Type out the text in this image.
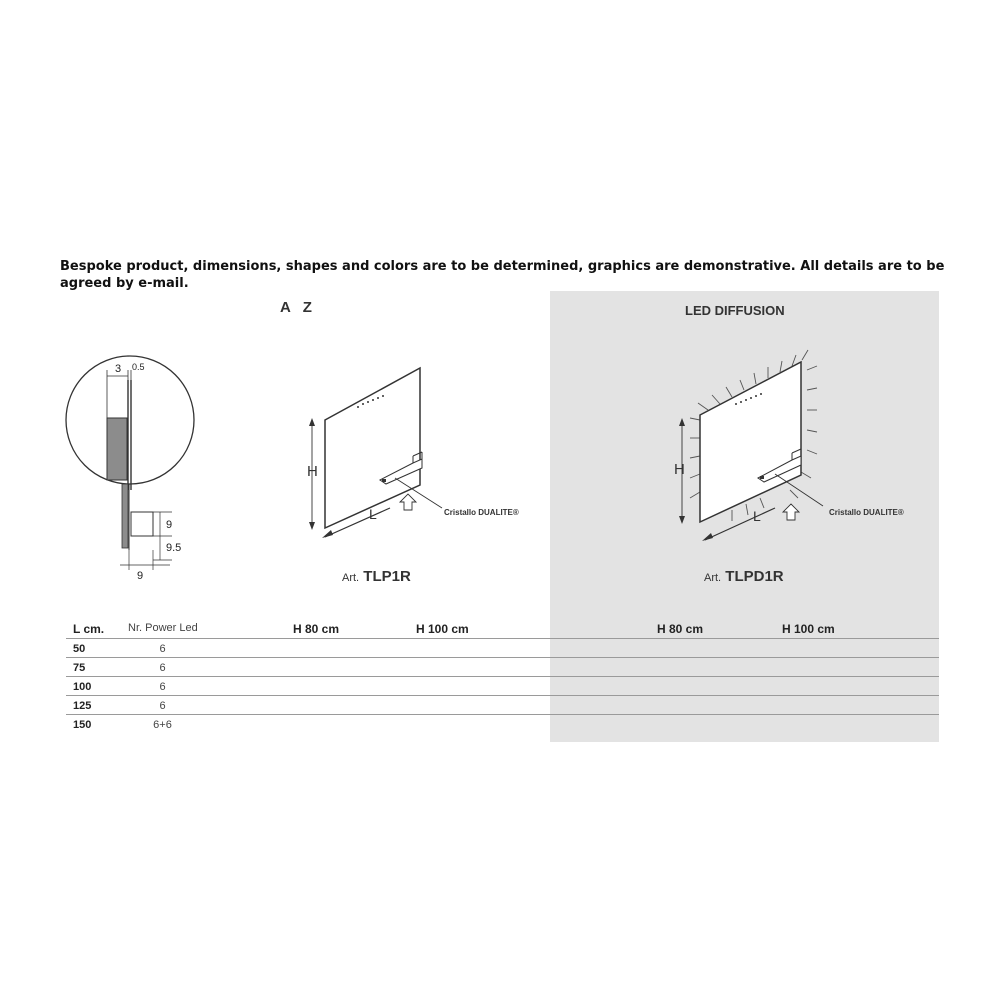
Bespoke product, dimensions, shapes and colors are to be determined, graphics are demonstrative. All details are to be agreed by e-mail.
A   Z	LED DIFFUSION
3 0.5
9
9.5
9
H
L	Cristallo DUALITE®
Art. TLP1R
H
L	Cristallo DUALITE®
Art. TLPD1R
L cm. Nr. Power Led	H 80 cm	H 100 cm	H 80 cm	H 100 cm
50	6
75	6
100	6
125	6
150	6+6
